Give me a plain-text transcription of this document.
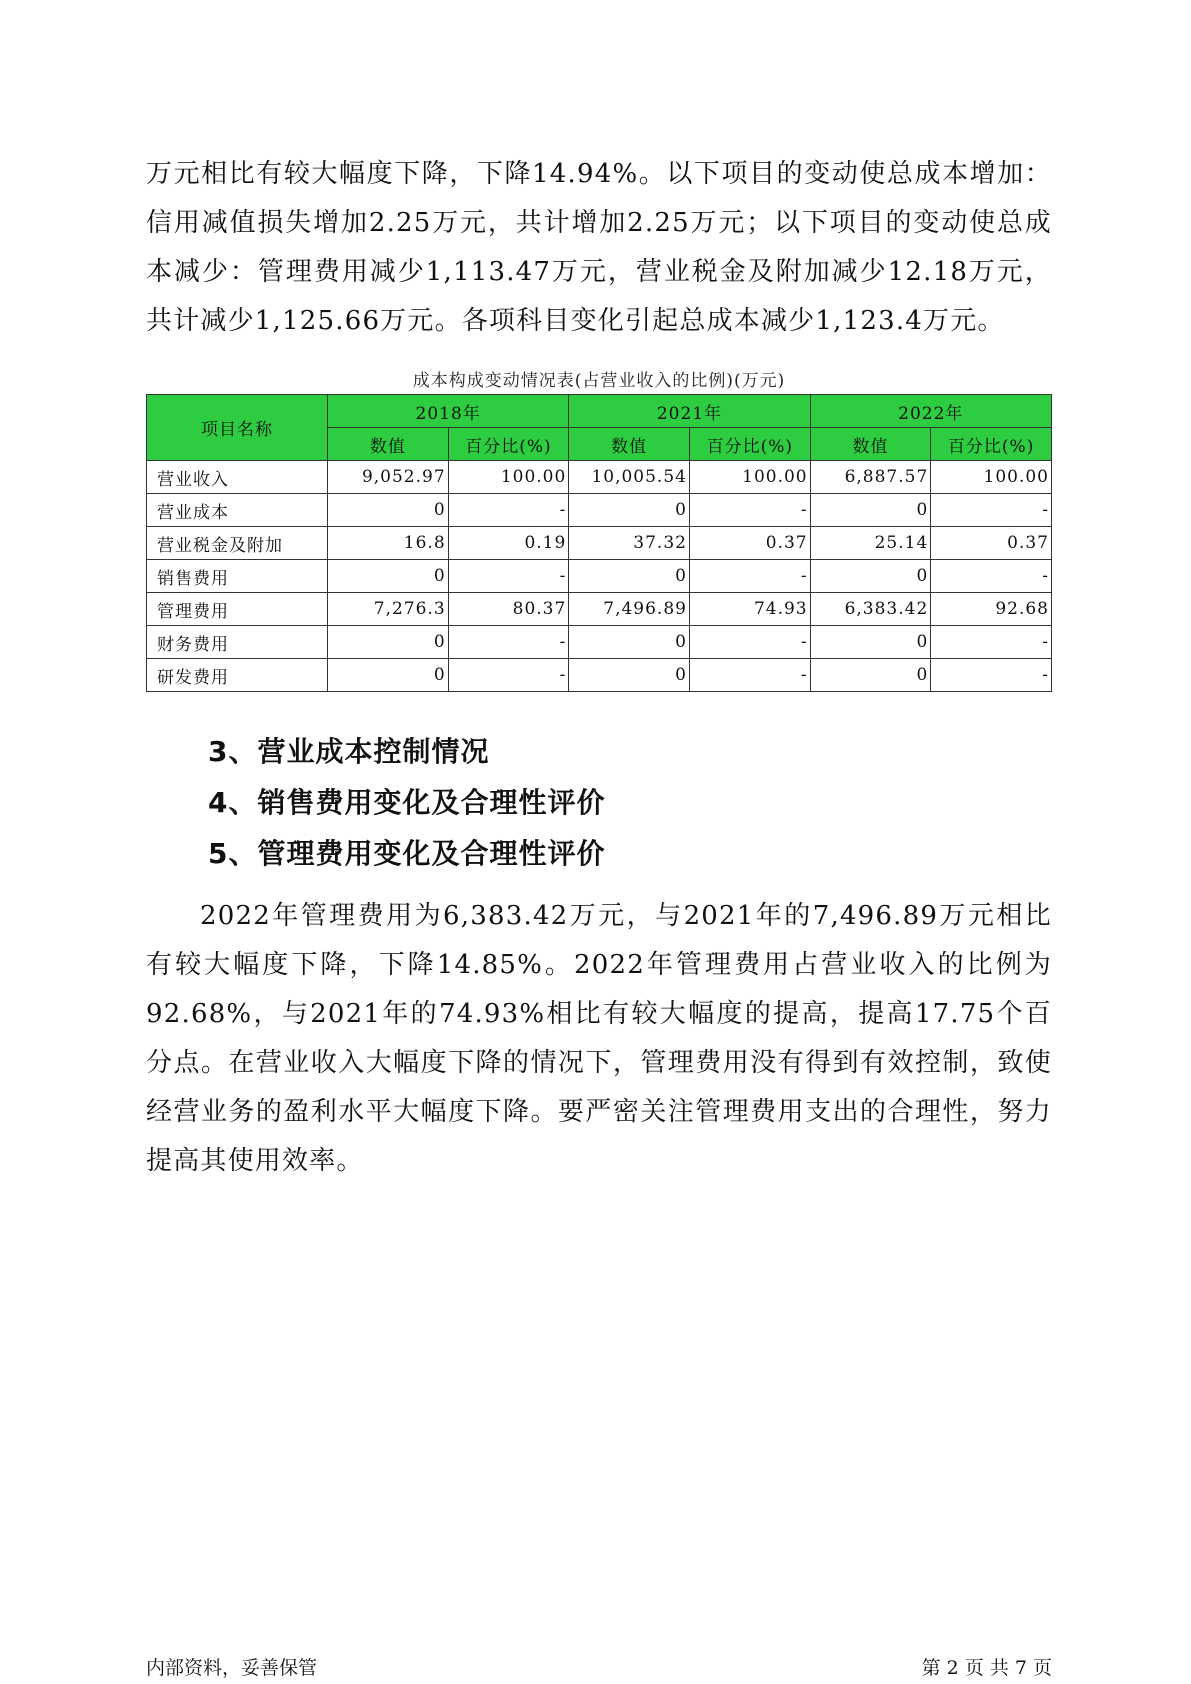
万元相比有较大幅度下降，下降14.94%。以下项目的变动使总成本增加：信用减值损失增加2.25万元，共计增加2.25万元；以下项目的变动使总成本减少：管理费用减少1,113.47万元，营业税金及附加减少12.18万元，共计减少1,125.66万元。各项科目变化引起总成本减少1,123.4万元。

成本构成变动情况表(占营业收入的比例)(万元)
项目名称	2018年		2021年		2022年	
	数值	百分比(%)	数值	百分比(%)	数值	百分比(%)
营业收入	9,052.97	100.00	10,005.54	100.00	6,887.57	100.00
营业成本	0	-	0	-	0	-
营业税金及附加	16.8	0.19	37.32	0.37	25.14	0.37
销售费用	0	-	0	-	0	-
管理费用	7,276.3	80.37	7,496.89	74.93	6,383.42	92.68
财务费用	0	-	0	-	0	-
研发费用	0	-	0	-	0	-
3、营业成本控制情况
4、销售费用变化及合理性评价
5、管理费用变化及合理性评价

2022年管理费用为6,383.42万元，与2021年的7,496.89万元相比有较大幅度下降，下降14.85%。2022年管理费用占营业收入的比例为92.68%，与2021年的74.93%相比有较大幅度的提高，提高17.75个百分点。在营业收入大幅度下降的情况下，管理费用没有得到有效控制，致使经营业务的盈利水平大幅度下降。要严密关注管理费用支出的合理性，努力提高其使用效率。

内部资料，妥善保管	第 2 页 共 7 页
